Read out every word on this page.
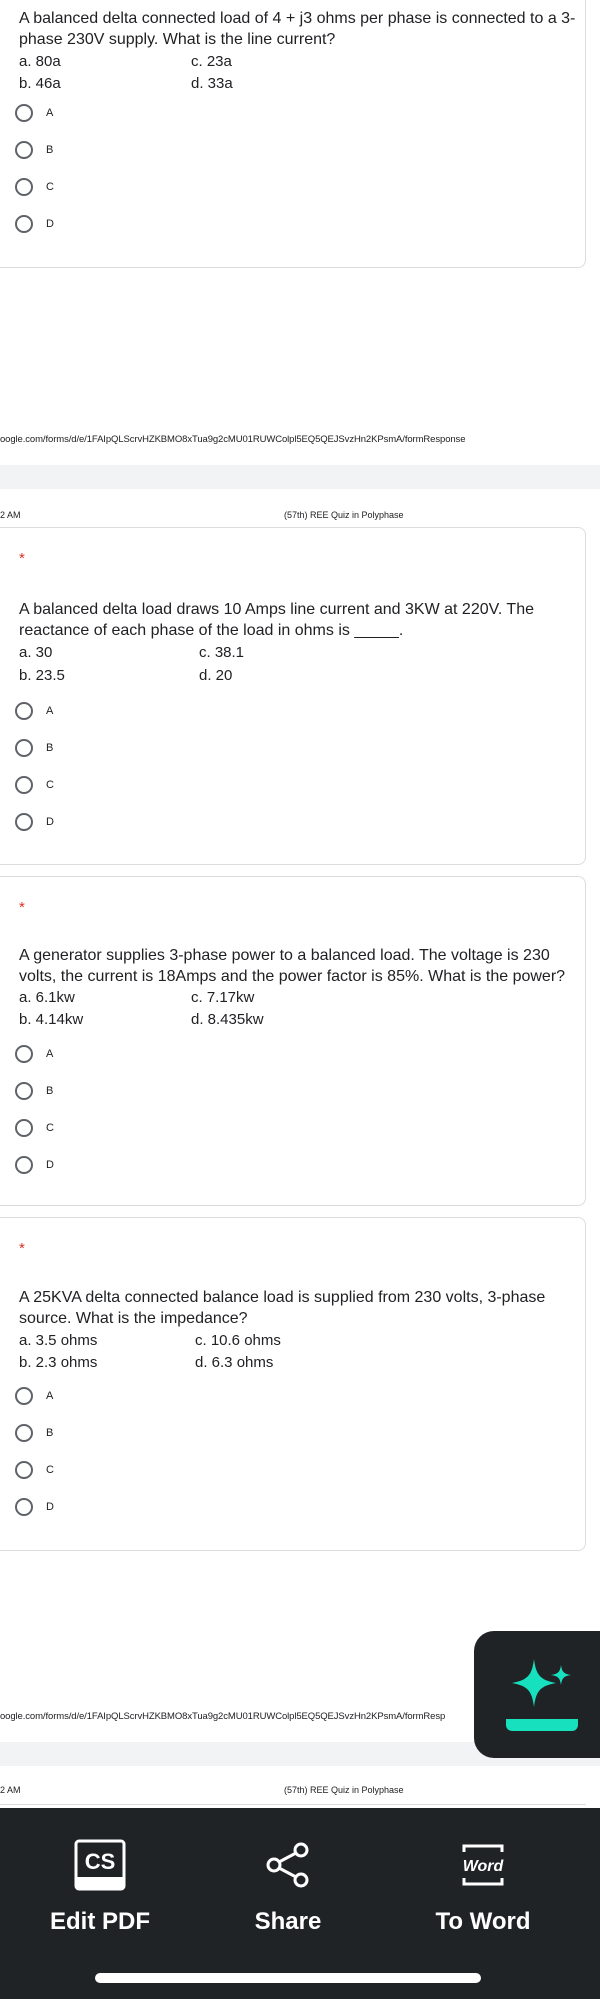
A balanced delta connected load of 4 + j3 ohms per phase is connected to a 3-phase 230V supply. What is the line current?
a. 80a	c. 23a
b. 46a	d. 33a
A
B
C
D
oogle.com/forms/d/e/1FAIpQLScrvHZKBMO8xTua9g2cMU01RUWColpl5EQ5QEJSvzHn2KPsmA/formResponse
2 AM	(57th) REE Quiz in Polyphase
*
A balanced delta load draws 10 Amps line current and 3KW at 220V. The reactance of each phase of the load in ohms is _____.
a. 30	c. 38.1
b. 23.5	d. 20
A
B
C
D
*
A generator supplies 3-phase power to a balanced load. The voltage is 230 volts, the current is 18Amps and the power factor is 85%. What is the power?
a. 6.1kw	c. 7.17kw
b. 4.14kw	d. 8.435kw
A
B
C
D
*
A 25KVA delta connected balance load is supplied from 230 volts, 3-phase source. What is the impedance?
a. 3.5 ohms	c. 10.6 ohms
b. 2.3 ohms	d. 6.3 ohms
A
B
C
D
oogle.com/forms/d/e/1FAIpQLScrvHZKBMO8xTua9g2cMU01RUWColpl5EQ5QEJSvzHn2KPsmA/formResp
2 AM	(57th) REE Quiz in Polyphase
CS
Edit PDF	Share
Word
To Word
